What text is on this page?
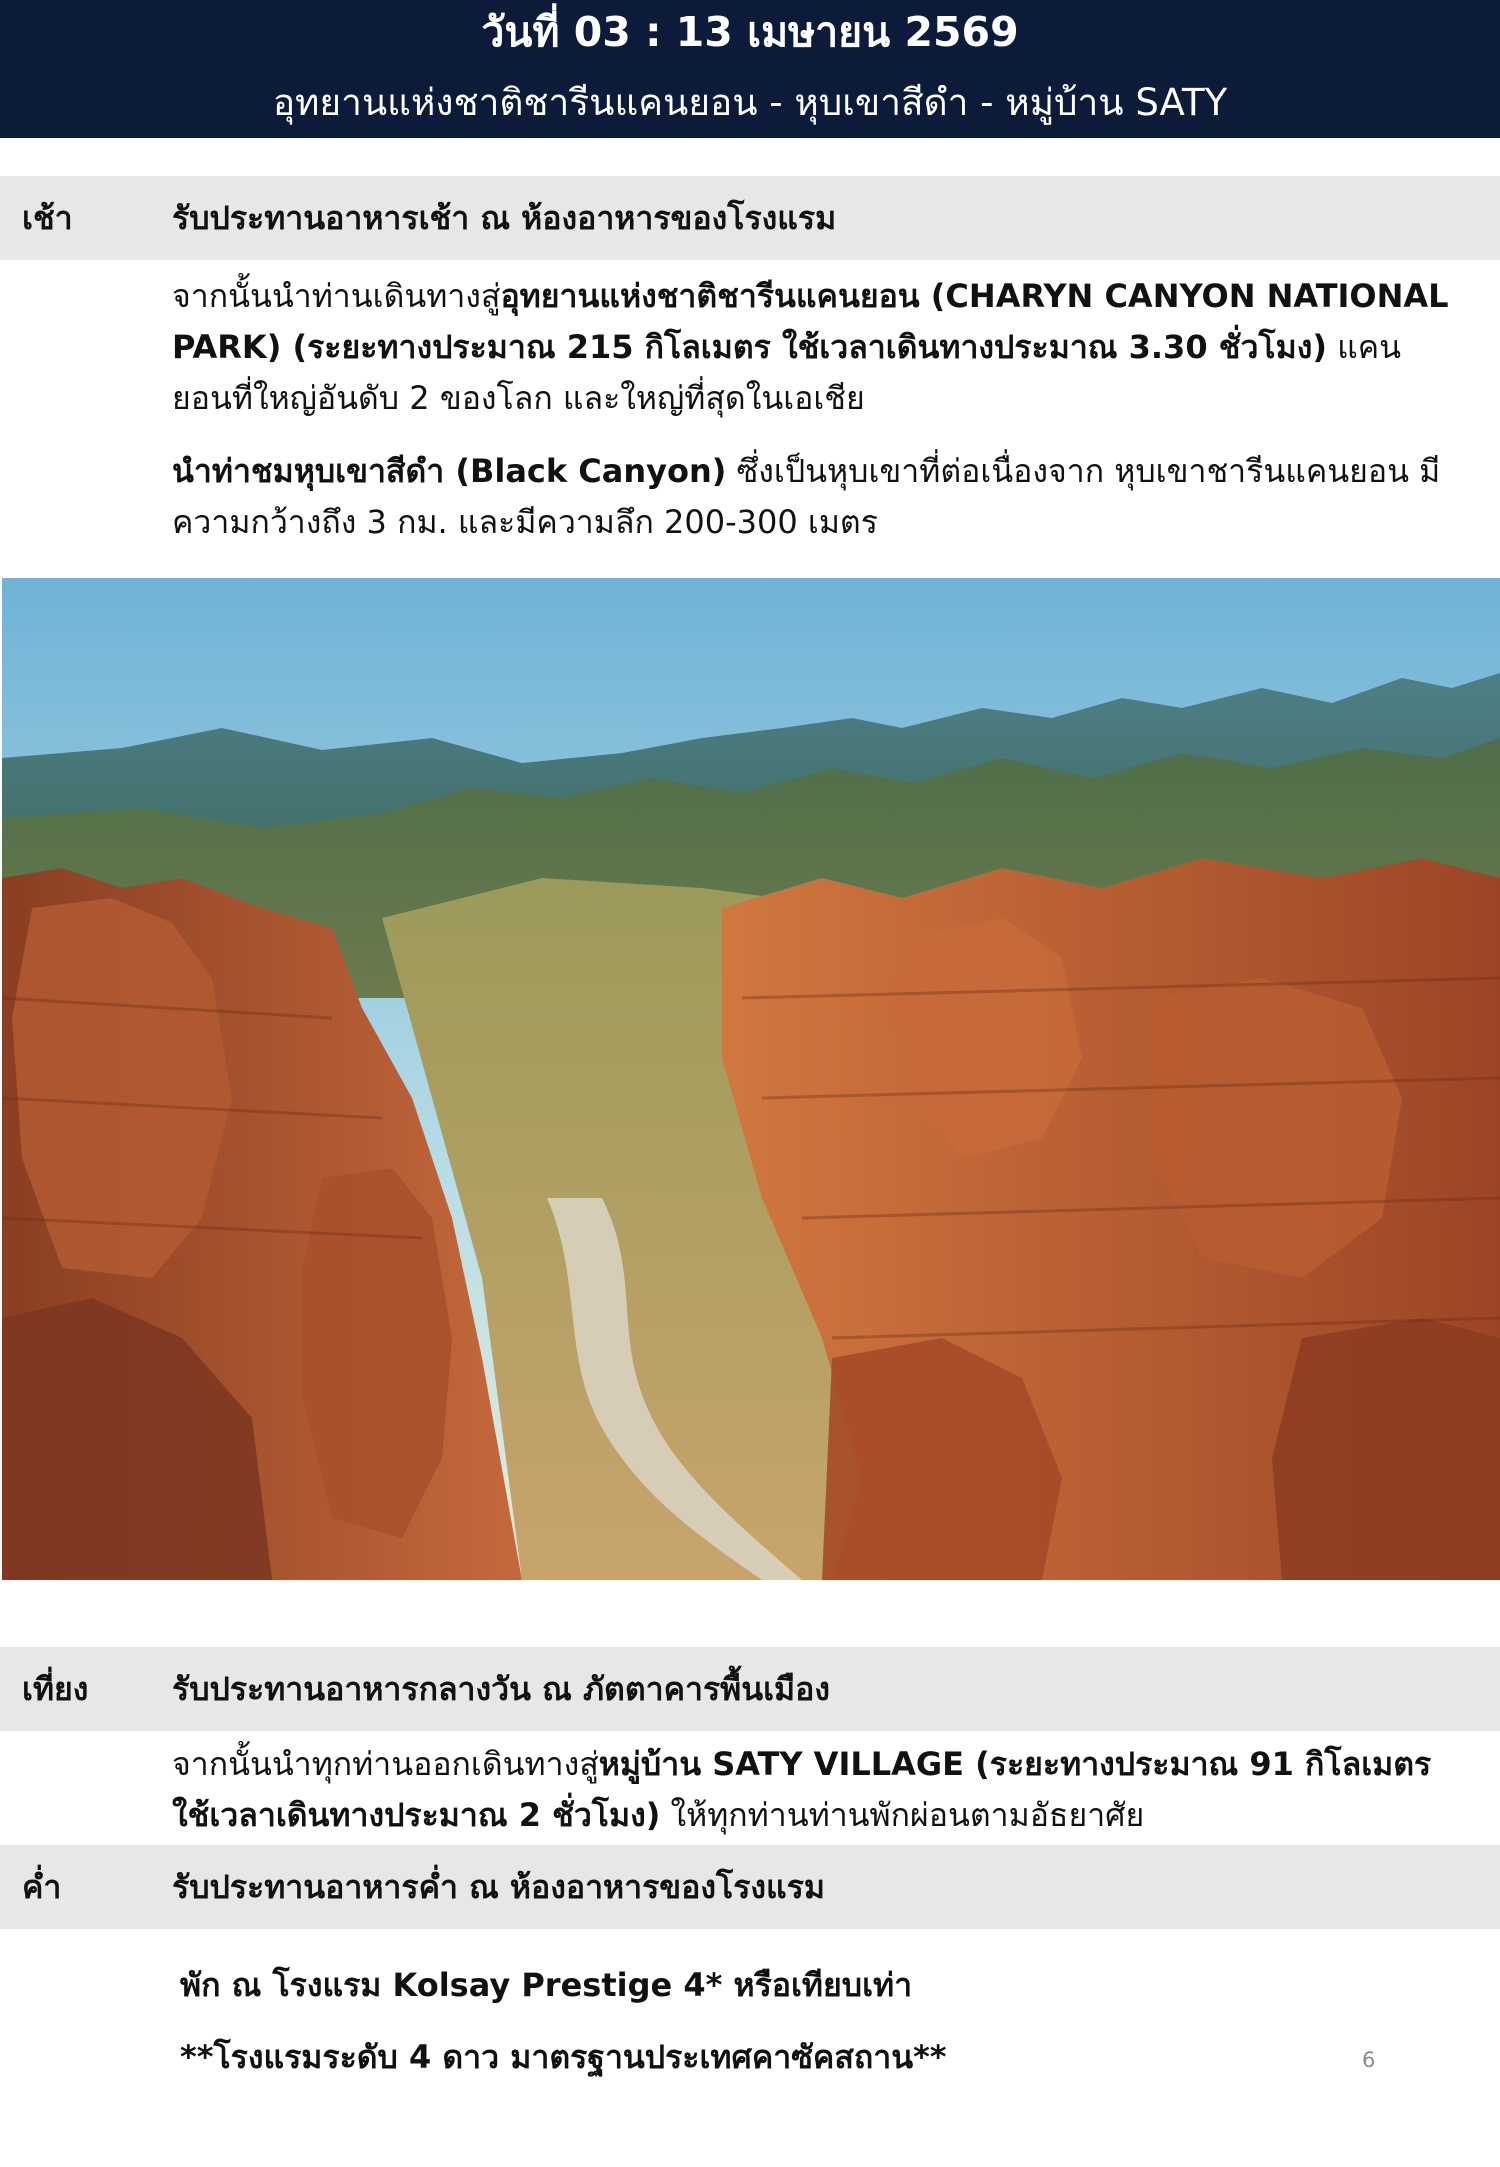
วันที่ 03 : 13 เมษายน 2569
อุทยานแห่งชาติชารีนแคนยอน - หุบเขาสีดำ - หมู่บ้าน SATY
เช้า	รับประทานอาหารเช้า ณ ห้องอาหารของโรงแรม
จากนั้นนำท่านเดินทางสู่อุทยานแห่งชาติชารีนแคนยอน (CHARYN CANYON NATIONAL PARK) (ระยะทางประมาณ 215 กิโลเมตร ใช้เวลาเดินทางประมาณ 3.30 ชั่วโมง) แคนยอนที่ใหญ่อันดับ 2 ของโลก และใหญ่ที่สุดในเอเชีย
นำท่าชมหุบเขาสีดำ (Black Canyon) ซึ่งเป็นหุบเขาที่ต่อเนื่องจาก หุบเขาชารีนแคนยอน มีความกว้างถึง 3 กม. และมีความลึก 200-300 เมตร
เที่ยง	รับประทานอาหารกลางวัน ณ ภัตตาคารพื้นเมือง
จากนั้นนำทุกท่านออกเดินทางสู่หมู่บ้าน SATY VILLAGE (ระยะทางประมาณ 91 กิโลเมตร ใช้เวลาเดินทางประมาณ 2 ชั่วโมง) ให้ทุกท่านท่านพักผ่อนตามอัธยาศัย
ค่ำ	รับประทานอาหารค่ำ ณ ห้องอาหารของโรงแรม
พัก ณ โรงแรม Kolsay Prestige 4* หรือเทียบเท่า
**โรงแรมระดับ 4 ดาว มาตรฐานประเทศคาซัคสถาน**	6
